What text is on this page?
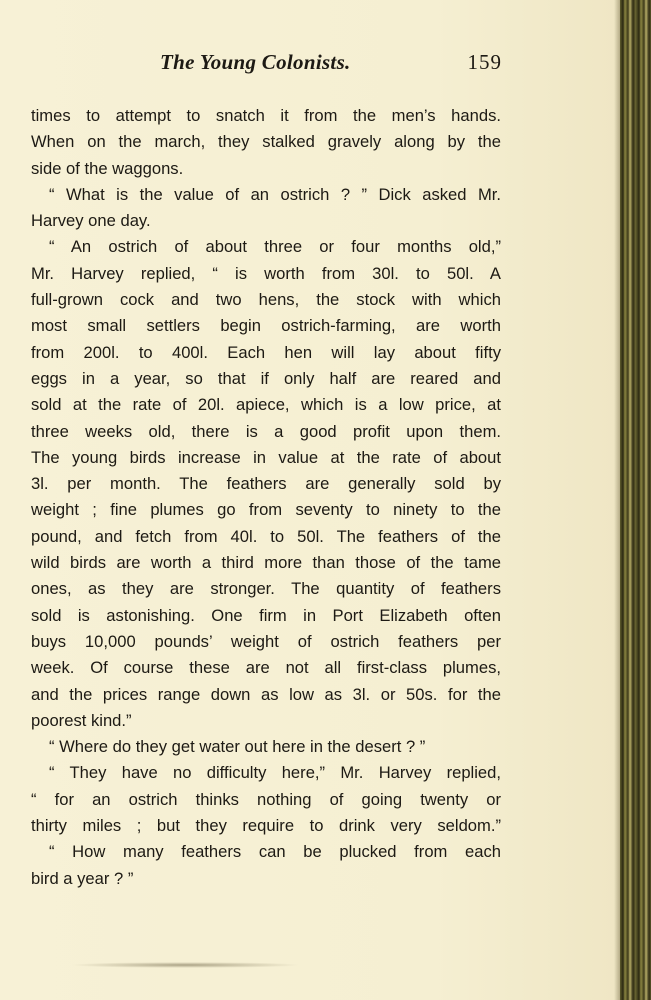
The Young Colonists.	159
times to attempt to snatch it from the men’s hands.
When on the march, they stalked gravely along by the
side of the waggons.
“ What is the value of an ostrich ? ” Dick asked Mr.
Harvey one day.
“ An ostrich of about three or four months old,”
Mr. Harvey replied, “ is worth from 30l. to 50l. A
full-grown cock and two hens, the stock with which
most small settlers begin ostrich-farming, are worth
from 200l. to 400l. Each hen will lay about fifty
eggs in a year, so that if only half are reared and
sold at the rate of 20l. apiece, which is a low price, at
three weeks old, there is a good profit upon them.
The young birds increase in value at the rate of about
3l. per month. The feathers are generally sold by
weight ; fine plumes go from seventy to ninety to the
pound, and fetch from 40l. to 50l. The feathers of the
wild birds are worth a third more than those of the tame
ones, as they are stronger. The quantity of feathers
sold is astonishing. One firm in Port Elizabeth often
buys 10,000 pounds’ weight of ostrich feathers per
week. Of course these are not all first-class plumes,
and the prices range down as low as 3l. or 50s. for the
poorest kind.”
“ Where do they get water out here in the desert ? ”
“ They have no difficulty here,” Mr. Harvey replied,
“ for an ostrich thinks nothing of going twenty or
thirty miles ; but they require to drink very seldom.”
“ How many feathers can be plucked from each
bird a year ? ”
